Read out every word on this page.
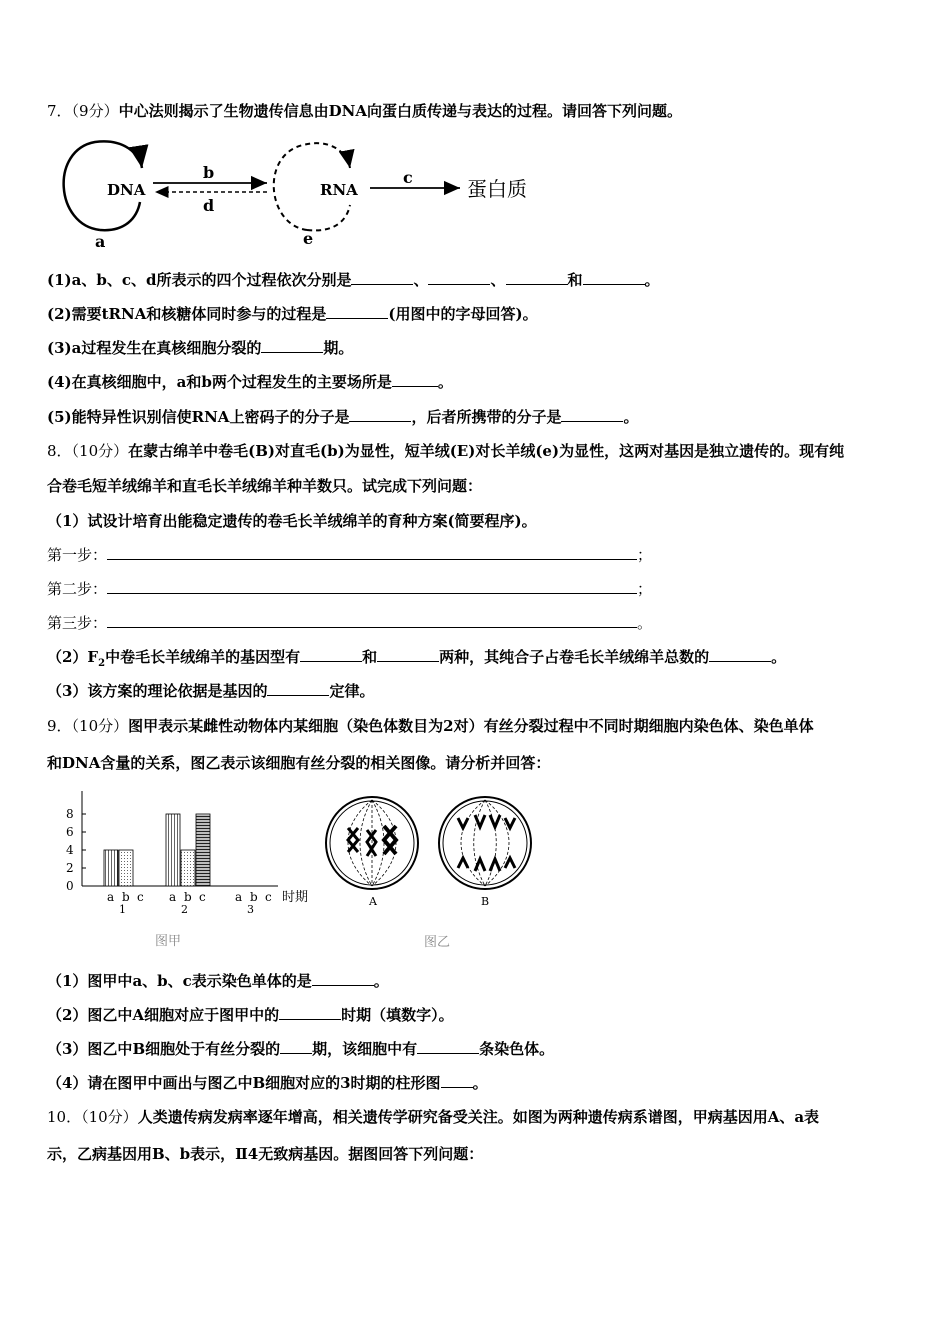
7．（9分）中心法则揭示了生物遗传信息由DNA向蛋白质传递与表达的过程。请回答下列问题。
DNA
a
b
d
RNA
e
c	蛋白质
(1)a、b、c、d所表示的四个过程依次分别是	、	、	和	。
(2)需要tRNA和核糖体同时参与的过程是	(用图中的字母回答)。
(3)a过程发生在真核细胞分裂的	期。
(4)在真核细胞中，a和b两个过程发生的主要场所是	。
(5)能特异性识别信使RNA上密码子的分子是	，后者所携带的分子是	。
8．（10分）在蒙古绵羊中卷毛(B)对直毛(b)为显性，短羊绒(E)对长羊绒(e)为显性，这两对基因是独立遗传的。现有纯
合卷毛短羊绒绵羊和直毛长羊绒绵羊种羊数只。试完成下列问题：
（1）试设计培育出能稳定遗传的卷毛长羊绒绵羊的育种方案(简要程序)。
第一步：	；
第二步：	；
第三步：	。
$(2)F_2$中卷毛长羊绒绵羊的基因型有	和	两种，其纯合子占卷毛长羊绒绵羊总数的	。
（3）该方案的理论依据是基因的	定律。
9．（10分）图甲表示某雌性动物体内某细胞（染色体数目为2对）有丝分裂过程中不同时期细胞内染色体、染色单体
和DNA含量的关系，图乙表示该细胞有丝分裂的相关图像。请分析并回答：
8
6
4
2
0
a b c
1
a b c
2
a b c
3
时期
图甲
A	B
图乙
（1）图甲中a、b、c表示染色单体的是	。
（2）图乙中A细胞对应于图甲中的	时期（填数字）。
（3）图乙中B细胞处于有丝分裂的 期，该细胞中有	条染色体。
（4）请在图甲中画出与图乙中B细胞对应的3时期的柱形图 。
10．（10分）人类遗传病发病率逐年增高，相关遗传学研究备受关注。如图为两种遗传病系谱图，甲病基因用A、a表
示，乙病基因用B、b表示，Ⅱ4无致病基因。据图回答下列问题：
